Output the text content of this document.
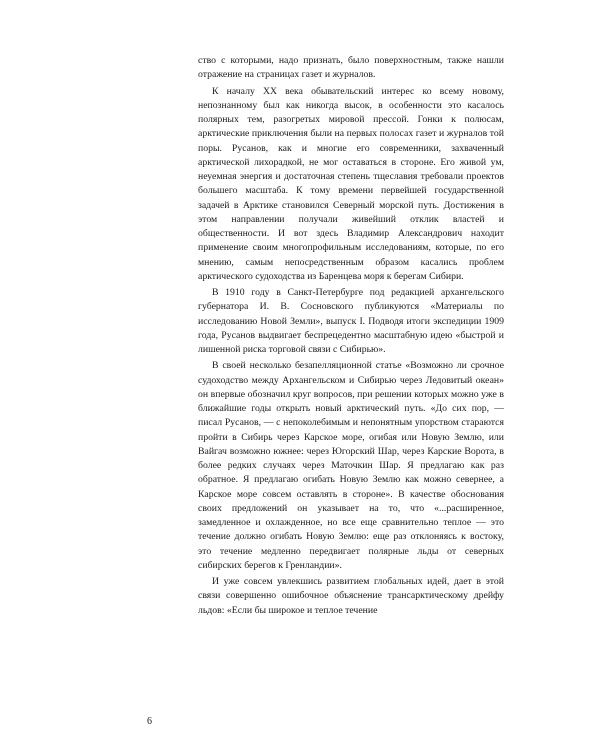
ство с которыми, надо признать, было поверхностным, также нашли отражение на страницах газет и журналов.

К началу XX века обывательский интерес ко всему новому, непознанному был как никогда высок, в особенности это касалось полярных тем, разогретых мировой прессой. Гонки к полюсам, арктические приключения были на первых полосах газет и журналов той поры. Русанов, как и многие его современники, захваченный арктической лихорадкой, не мог оставаться в стороне. Его живой ум, неуемная энергия и достаточная степень тщеславия требовали проектов большего масштаба. К тому времени первейшей государственной задачей в Арктике становился Северный морской путь. Достижения в этом направлении получали живейший отклик властей и общественности. И вот здесь Владимир Александрович находит применение своим многопрофильным исследованиям, которые, по его мнению, самым непосредственным образом касались проблем арктического судоходства из Баренцева моря к берегам Сибири.

В 1910 году в Санкт-Петербурге под редакцией архангельского губернатора И. В. Сосновского публикуются «Материалы по исследованию Новой Земли», выпуск I. Подводя итоги экспедиции 1909 года, Русанов выдвигает беспрецедентно масштабную идею «быстрой и лишенной риска торговой связи с Сибирью».

В своей несколько безапелляционной статье «Возможно ли срочное судоходство между Архангельском и Сибирью через Ледовитый океан» он впервые обозначил круг вопросов, при решении которых можно уже в ближайшие годы открыть новый арктический путь. «До сих пор, — писал Русанов, — с непоколебимым и непонятным упорством стараются пройти в Сибирь через Карское море, огибая или Новую Землю, или Вайгач возможно южнее: через Югорский Шар, через Карские Ворота, в более редких случаях через Маточкин Шар. Я предлагаю как раз обратное. Я предлагаю огибать Новую Землю как можно севернее, а Карское море совсем оставлять в стороне». В качестве обоснования своих предложений он указывает на то, что «...расширенное, замедленное и охлажденное, но все еще сравнительно теплое — это течение должно огибать Новую Землю: еще раз отклоняясь к востоку, это течение медленно передвигает полярные льды от северных сибирских берегов к Гренландии».

И уже совсем увлекшись развитием глобальных идей, дает в этой связи совершенно ошибочное объяснение трансарктическому дрейфу льдов: «Если бы широкое и теплое течение

6
